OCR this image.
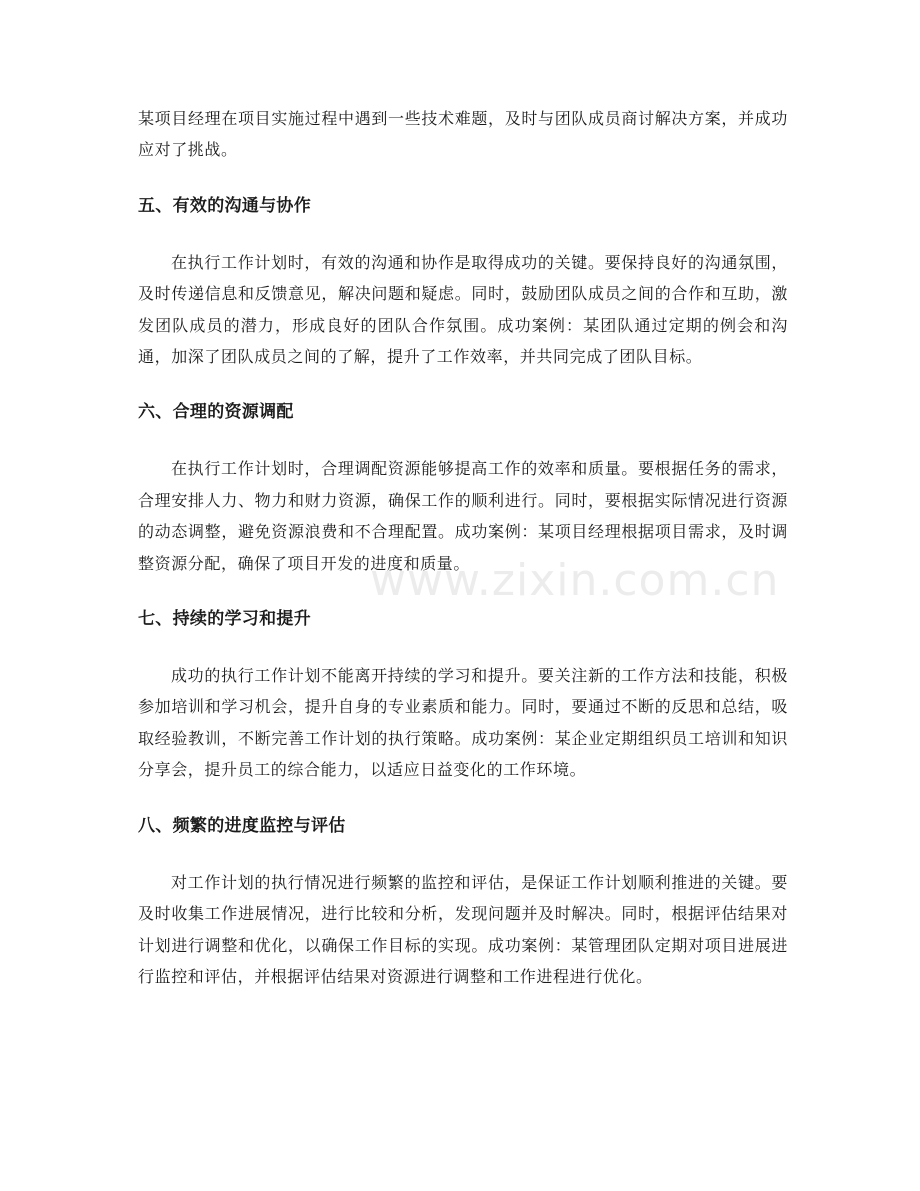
某项目经理在项目实施过程中遇到一些技术难题，及时与团队成员商讨解决方案，并成功应对了挑战。

五、有效的沟通与协作

在执行工作计划时，有效的沟通和协作是取得成功的关键。要保持良好的沟通氛围，及时传递信息和反馈意见，解决问题和疑虑。同时，鼓励团队成员之间的合作和互助，激发团队成员的潜力，形成良好的团队合作氛围。成功案例：某团队通过定期的例会和沟通，加深了团队成员之间的了解，提升了工作效率，并共同完成了团队目标。

六、合理的资源调配

在执行工作计划时，合理调配资源能够提高工作的效率和质量。要根据任务的需求，合理安排人力、物力和财力资源，确保工作的顺利进行。同时，要根据实际情况进行资源的动态调整，避免资源浪费和不合理配置。成功案例：某项目经理根据项目需求，及时调整资源分配，确保了项目开发的进度和质量。

七、持续的学习和提升

成功的执行工作计划不能离开持续的学习和提升。要关注新的工作方法和技能，积极参加培训和学习机会，提升自身的专业素质和能力。同时，要通过不断的反思和总结，吸取经验教训，不断完善工作计划的执行策略。成功案例：某企业定期组织员工培训和知识分享会，提升员工的综合能力，以适应日益变化的工作环境。

八、频繁的进度监控与评估

对工作计划的执行情况进行频繁的监控和评估，是保证工作计划顺利推进的关键。要及时收集工作进展情况，进行比较和分析，发现问题并及时解决。同时，根据评估结果对计划进行调整和优化，以确保工作目标的实现。成功案例：某管理团队定期对项目进展进行监控和评估，并根据评估结果对资源进行调整和工作进程进行优化。

www.zixin.com.cn
